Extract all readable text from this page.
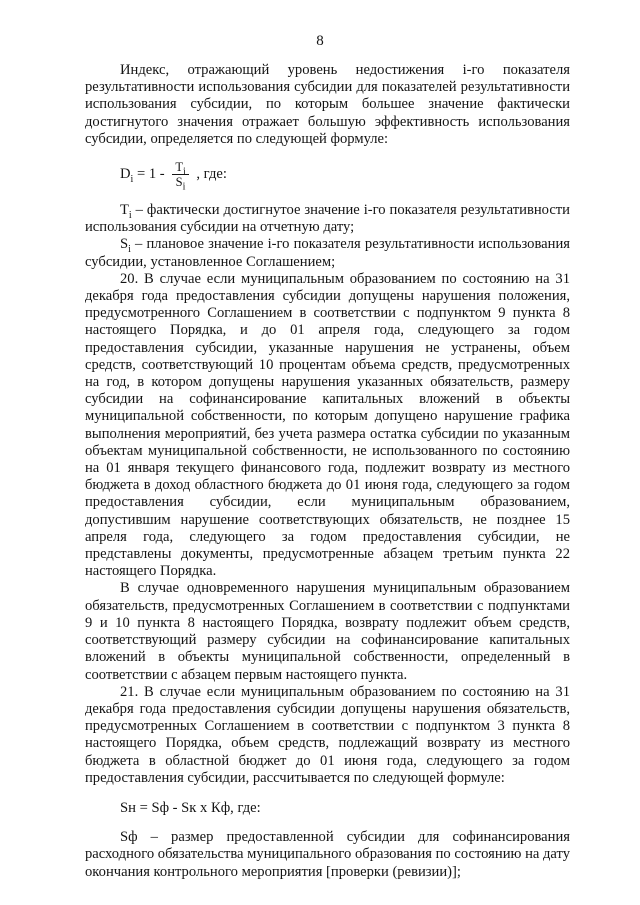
8

Индекс, отражающий уровень недостижения i-го показателя результативности использования субсидии для показателей результативности использования субсидии, по которым большее значение фактически достигнутого значения отражает большую эффективность использования субсидии, определяется по следующей формуле:

$D_i = 1 - \frac{T_i}{S_i}$ , где:

$T_i$ – фактически достигнутое значение i-го показателя результативности использования субсидии на отчетную дату;

$S_i$ – плановое значение i-го показателя результативности использования субсидии, установленное Соглашением;

20. В случае если муниципальным образованием по состоянию на 31 декабря года предоставления субсидии допущены нарушения положения, предусмотренного Соглашением в соответствии с подпунктом 9 пункта 8 настоящего Порядка, и до 01 апреля года, следующего за годом предоставления субсидии, указанные нарушения не устранены, объем средств, соответствующий 10 процентам объема средств, предусмотренных на год, в котором допущены нарушения указанных обязательств, размеру субсидии на софинансирование капитальных вложений в объекты муниципальной собственности, по которым допущено нарушение графика выполнения мероприятий, без учета размера остатка субсидии по указанным объектам муниципальной собственности, не использованного по состоянию на 01 января текущего финансового года, подлежит возврату из местного бюджета в доход областного бюджета до 01 июня года, следующего за годом предоставления субсидии, если муниципальным образованием, допустившим нарушение соответствующих обязательств, не позднее 15 апреля года, следующего за годом предоставления субсидии, не представлены документы, предусмотренные абзацем третьим пункта 22 настоящего Порядка.

В случае одновременного нарушения муниципальным образованием обязательств, предусмотренных Соглашением в соответствии с подпунктами 9 и 10 пункта 8 настоящего Порядка, возврату подлежит объем средств, соответствующий размеру субсидии на софинансирование капитальных вложений в объекты муниципальной собственности, определенный в соответствии с абзацем первым настоящего пункта.

21. В случае если муниципальным образованием по состоянию на 31 декабря года предоставления субсидии допущены нарушения обязательств, предусмотренных Соглашением в соответствии с подпунктом 3 пункта 8 настоящего Порядка, объем средств, подлежащий возврату из местного бюджета в областной бюджет до 01 июня года, следующего за годом предоставления субсидии, рассчитывается по следующей формуле:

Sн = Sф - Sк х Кф, где:

Sф – размер предоставленной субсидии для софинансирования расходного обязательства муниципального образования по состоянию на дату окончания контрольного мероприятия [проверки (ревизии)];
